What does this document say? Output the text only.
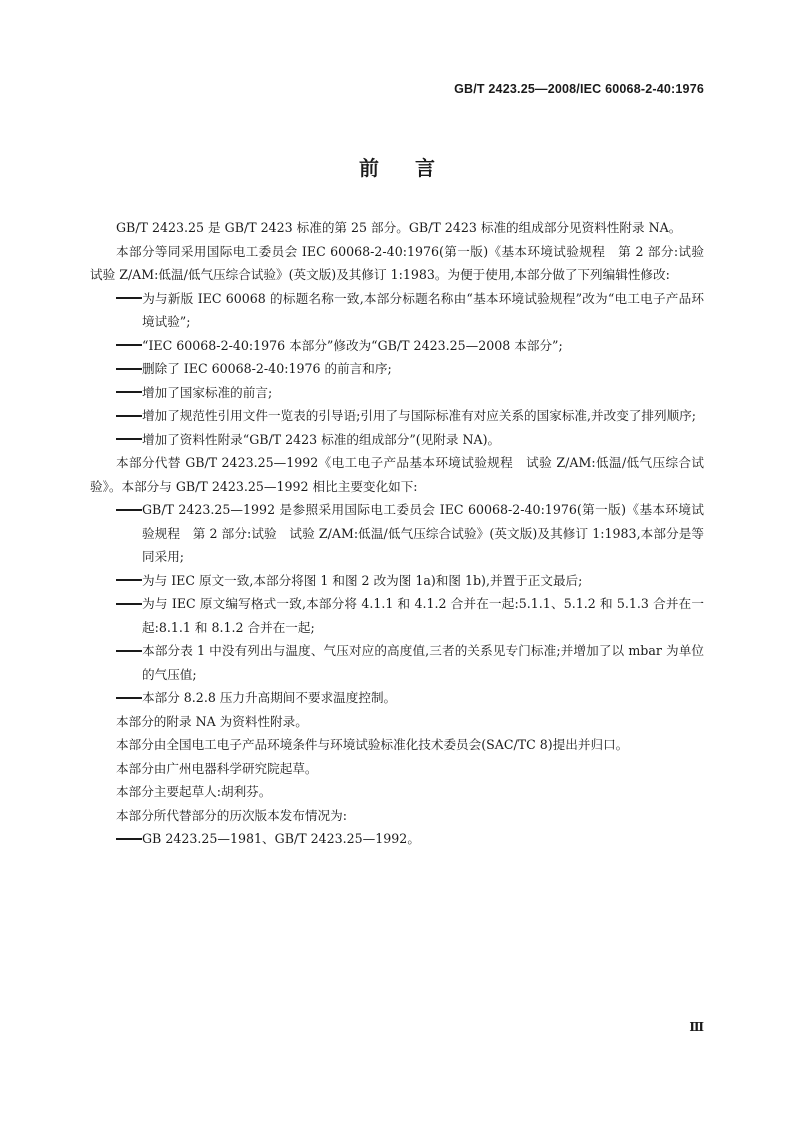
GB/T 2423.25—2008/IEC 60068-2-40:1976
前言

GB/T 2423.25 是 GB/T 2423 标准的第 25 部分。GB/T 2423 标准的组成部分见资料性附录 NA。

本部分等同采用国际电工委员会 IEC 60068-2-40:1976(第一版)《基本环境试验规程　第 2 部分:试验　试验 Z/AM:低温/低气压综合试验》(英文版)及其修订 1:1983。为便于使用,本部分做了下列编辑性修改:

为与新版 IEC 60068 的标题名称一致,本部分标题名称由“基本环境试验规程”改为“电工电子产品环境试验”;

“IEC 60068-2-40:1976 本部分”修改为“GB/T 2423.25—2008 本部分”;

删除了 IEC 60068-2-40:1976 的前言和序;

增加了国家标准的前言;

增加了规范性引用文件一览表的引导语;引用了与国际标准有对应关系的国家标准,并改变了排列顺序;

增加了资料性附录“GB/T 2423 标准的组成部分”(见附录 NA)。

本部分代替 GB/T 2423.25—1992《电工电子产品基本环境试验规程　试验 Z/AM:低温/低气压综合试验》。本部分与 GB/T 2423.25—1992 相比主要变化如下:

GB/T 2423.25—1992 是参照采用国际电工委员会 IEC 60068-2-40:1976(第一版)《基本环境试验规程　第 2 部分:试验　试验 Z/AM:低温/低气压综合试验》(英文版)及其修订 1:1983,本部分是等同采用;

为与 IEC 原文一致,本部分将图 1 和图 2 改为图 1a)和图 1b),并置于正文最后;

为与 IEC 原文编写格式一致,本部分将 4.1.1 和 4.1.2 合并在一起:5.1.1、5.1.2 和 5.1.3 合并在一起:8.1.1 和 8.1.2 合并在一起;

本部分表 1 中没有列出与温度、气压对应的高度值,三者的关系见专门标准;并增加了以 mbar 为单位的气压值;

本部分 8.2.8 压力升高期间不要求温度控制。

本部分的附录 NA 为资料性附录。

本部分由全国电工电子产品环境条件与环境试验标准化技术委员会(SAC/TC 8)提出并归口。

本部分由广州电器科学研究院起草。

本部分主要起草人:胡利芬。

本部分所代替部分的历次版本发布情况为:

GB 2423.25—1981、GB/T 2423.25—1992。

Ⅲ
